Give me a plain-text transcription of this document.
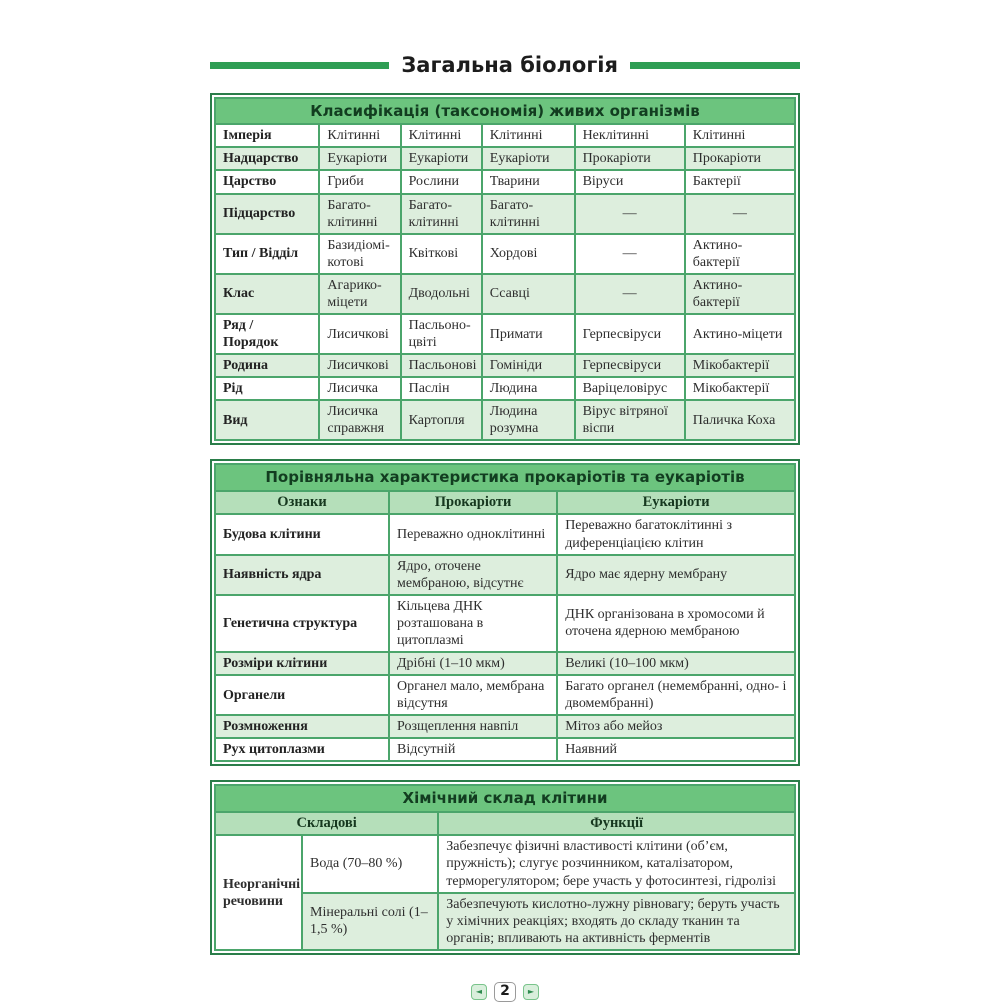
Загальна біологія
Класифікація (таксономія) живих організмів					
Імперія	Клітинні	Клітинні	Клітинні	Неклітинні	Клітинні
Надцарство	Еукаріоти	Еукаріоти	Еукаріоти	Прокаріоти	Прокаріоти
Царство	Гриби	Рослини	Тварини	Віруси	Бактерії
Підцарство	Багато-клітинні	Багато-клітинні	Багато-клітинні	—	—
Тип / Відділ	Базидіомі-котові	Квіткові	Хордові	—	Актино-бактерії
Клас	Агарико-міцети	Дводольні	Ссавці	—	Актино-бактерії
Ряд / Порядок	Лисичкові	Пасльоно-цвіті	Примати	Герпесвіруси	Актино-міцети
Родина	Лисичкові	Пасльонові	Гомініди	Герпесвіруси	Мікобактерії
Рід	Лисичка	Паслін	Людина	Варіцеловірус	Мікобактерії
Вид	Лисичка справжня	Картопля	Людина розумна	Вірус вітряної віспи	Паличка Коха
Порівняльна характеристика прокаріотів та еукаріотів		
Ознаки	Прокаріоти	Еукаріоти
Будова клітини	Переважно одноклітинні	Переважно багатоклітинні з диференціацією клітин
Наявність ядра	Ядро, оточене мембраною, відсутнє	Ядро має ядерну мембрану
Генетична структура	Кільцева ДНК розташована в цитоплазмі	ДНК організована в хромосоми й оточена ядерною мембраною
Розміри клітини	Дрібні (1–10 мкм)	Великі (10–100 мкм)
Органели	Органел мало, мембрана відсутня	Багато органел (немембранні, одно- і двомембранні)
Розмноження	Розщеплення навпіл	Мітоз або мейоз
Рух цитоплазми	Відсутній	Наявний
Хімічний склад клітини		
Складові		Функції
Неорганічні речовини	Вода (70–80 %)	Забезпечує фізичні властивості клітини (об’єм, пружність); слугує розчинником, каталізатором, терморегулятором; бере участь у фотосинтезі, гідролізі
	Мінеральні солі (1–1,5 %)	Забезпечують кислотно-лужну рівновагу; беруть участь у хімічних реакціях; входять до складу тканин та органів; впливають на активність ферментів
◄	2	►
